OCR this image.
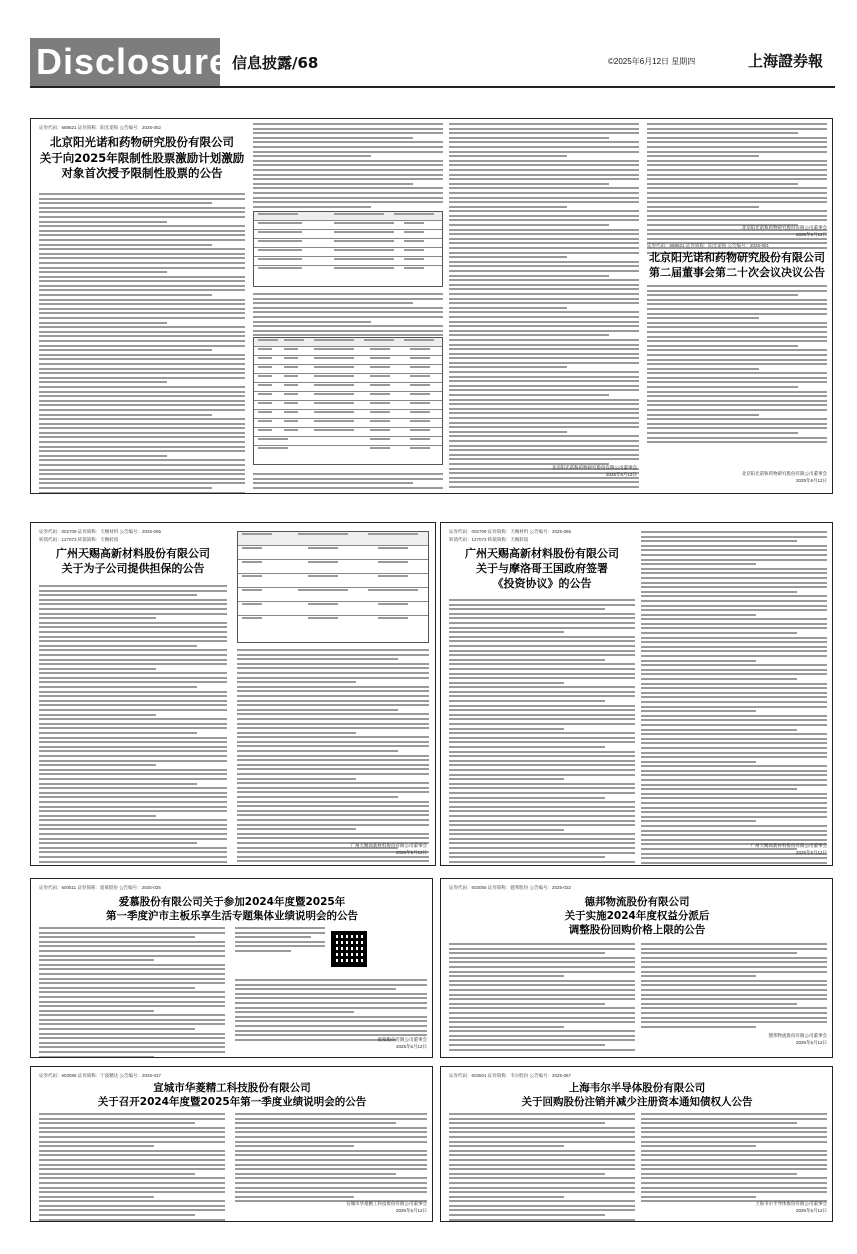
Disclosure 信息披露/68	©2025年6月12日 星期四	上海證券報
证券代码：688621 证券简称：阳光诺和 公告编号：2025-052
北京阳光诺和药物研究股份有限公司
关于向2025年限制性股票激励计划激励
对象首次授予限制性股票的公告
北京阳光诺和药物研究股份有限公司董事会
2025年6月12日
北京阳光诺和药物研究股份有限公司董事会
2025年6月12日
证券代码：688621 证券简称：阳光诺和 公告编号：2025-051
北京阳光诺和药物研究股份有限公司
第二届董事会第二十次会议决议公告
北京阳光诺和药物研究股份有限公司董事会
2025年6月12日
证券代码：002709 证券简称：天赐材料 公告编号：2025-065
转债代码：127073 转债简称：天赐转债
广州天赐高新材料股份有限公司
关于为子公司提供担保的公告
广州天赐高新材料股份有限公司董事会
2025年6月12日
证券代码：002709 证券简称：天赐材料 公告编号：2025-066
转债代码：127073 转债简称：天赐转债
广州天赐高新材料股份有限公司
关于与摩洛哥王国政府签署
《投资协议》的公告
广州天赐高新材料股份有限公司董事会
2025年6月12日
证券代码：600511 证券简称：爱慕股份 公告编号：2025-025
爱慕股份有限公司关于参加2024年度暨2025年
第一季度沪市主板乐享生活专题集体业绩说明会的公告
爱慕股份有限公司董事会
2025年6月12日
证券代码：603056 证券简称：德邦股份 公告编号：2025-032
德邦物流股份有限公司
关于实施2024年度权益分派后
调整股份回购价格上限的公告
德邦物流股份有限公司董事会
2025年6月12日
证券代码：603088 证券简称：宁波精达 公告编号：2025-037
宣城市华菱精工科技股份有限公司
关于召开2024年度暨2025年第一季度业绩说明会的公告
宣城市华菱精工科技股份有限公司董事会
2025年6月12日
证券代码：603501 证券简称：韦尔股份 公告编号：2025-067
上海韦尔半导体股份有限公司
关于回购股份注销并减少注册资本通知债权人公告
上海韦尔半导体股份有限公司董事会
2025年6月12日
